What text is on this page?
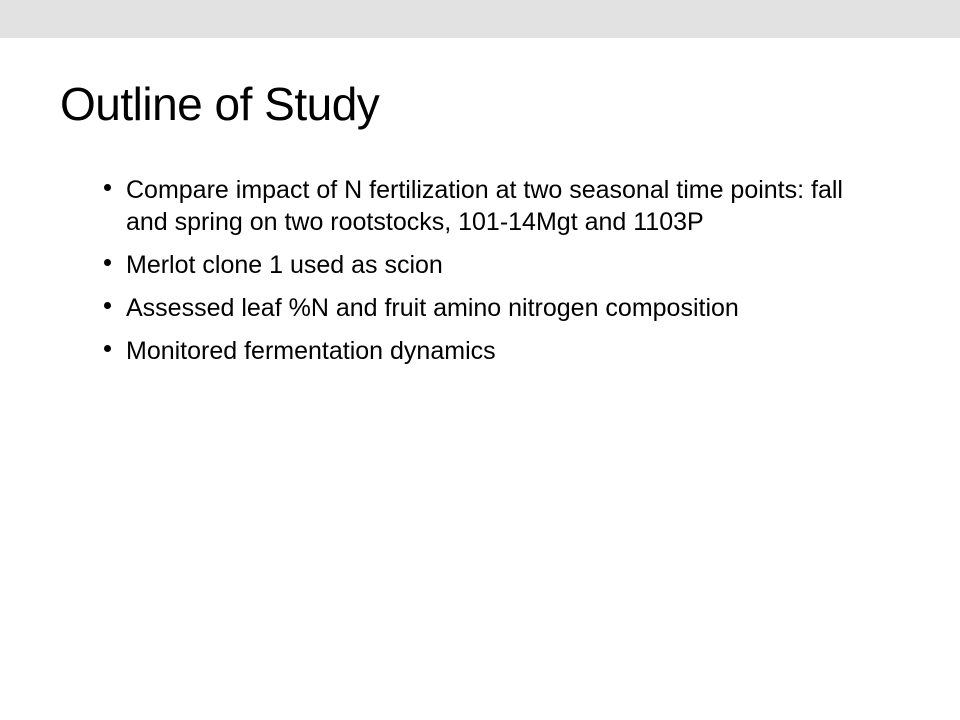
Outline of Study
Compare impact of N fertilization at two seasonal time points: fall and spring on two rootstocks, 101-14Mgt and 1103P
Merlot clone 1 used as scion
Assessed leaf %N and fruit amino nitrogen composition
Monitored fermentation dynamics
